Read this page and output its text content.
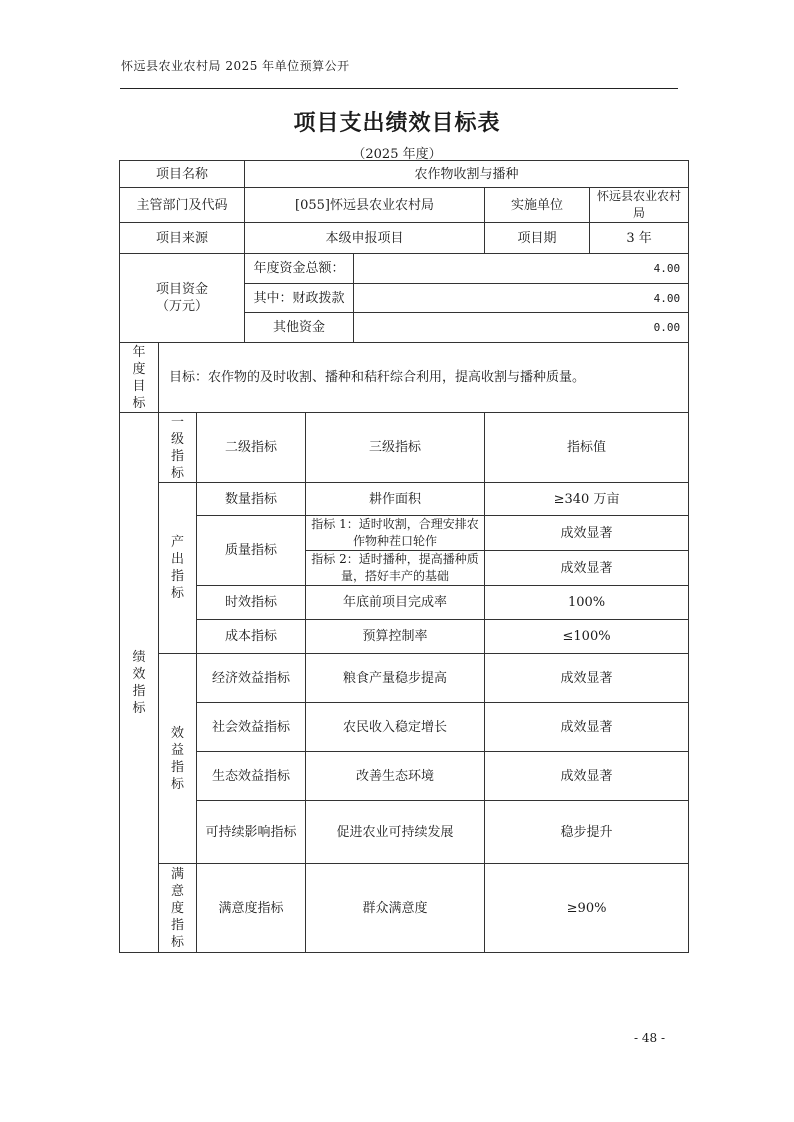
怀远县农业农村局 2025 年单位预算公开
项目支出绩效目标表
（2025 年度）
项目名称			农作物收割与播种				
主管部门及代码			[055]怀远县农业农村局			实施单位	怀远县农业农村局
项目来源			本级申报项目			项目期	3 年
项目资金（万元）			年度资金总额：		4.00		
			其中：财政拨款		4.00		
			其他资金		0.00		
年度目标	目标：农作物的及时收割、播种和秸秆综合利用，提高收割与播种质量。						
绩效指标	一级指标	二级指标		三级指标		指标值	
	产出指标	数量指标		耕作面积		≥340 万亩	
		质量指标		指标 1：适时收割，合理安排农作物种茬口轮作		成效显著	
				指标 2：适时播种，提高播种质量，搭好丰产的基础		成效显著	
		时效指标		年底前项目完成率		100%	
		成本指标		预算控制率		≤100%	
	效益指标	经济效益指标		粮食产量稳步提高		成效显著	
		社会效益指标		农民收入稳定增长		成效显著	
		生态效益指标		改善生态环境		成效显著	
		可持续影响指标		促进农业可持续发展		稳步提升	
	满意度指标	满意度指标		群众满意度		≥90%	
- 48 -
